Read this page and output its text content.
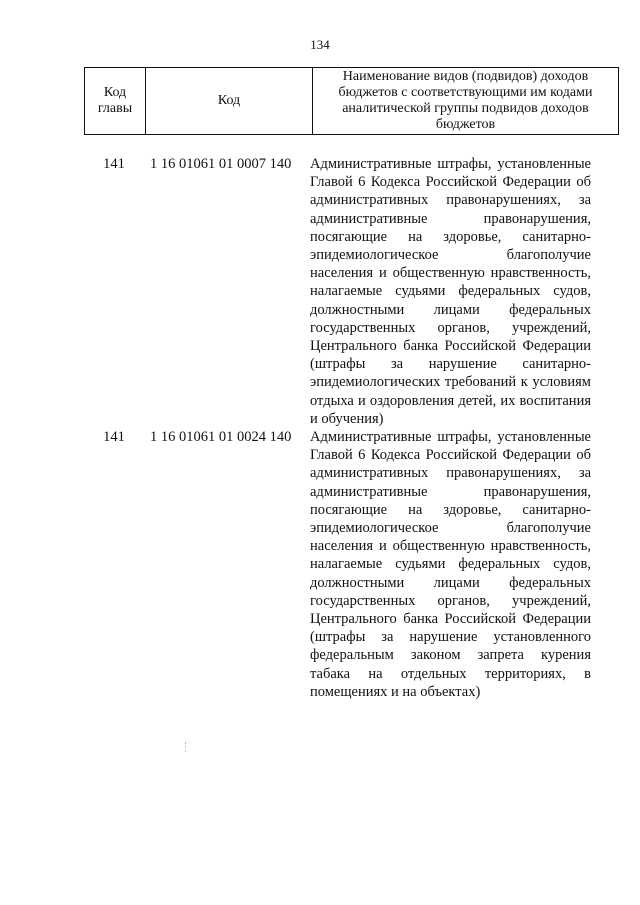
134
Код главы	Код	Наименование видов (подвидов) доходов бюджетов с соответствующими им кодами аналитической группы подвидов доходов бюджетов
141	1 16 01061 01 0007 140	Административные штрафы, установленные Главой 6 Кодекса Российской Федерации об административных правонарушениях, за административные правонарушения, посягающие на здоровье, санитарно-эпидемиологическое благополучие населения и общественную нравственность, налагаемые судьями федеральных судов, должностными лицами федеральных государственных органов, учреждений, Центрального банка Российской Федерации (штрафы за нарушение санитарно-эпидемиологических требований к условиям отдыха и оздоровления детей, их воспитания и обучения)
141	1 16 01061 01 0024 140	Административные штрафы, установленные Главой 6 Кодекса Российской Федерации об административных правонарушениях, за административные правонарушения, посягающие на здоровье, санитарно-эпидемиологическое благополучие населения и общественную нравственность, налагаемые судьями федеральных судов, должностными лицами федеральных государственных органов, учреждений, Центрального банка Российской Федерации (штрафы за нарушение установленного федеральным законом запрета курения табака на отдельных территориях, в помещениях и на объектах)
